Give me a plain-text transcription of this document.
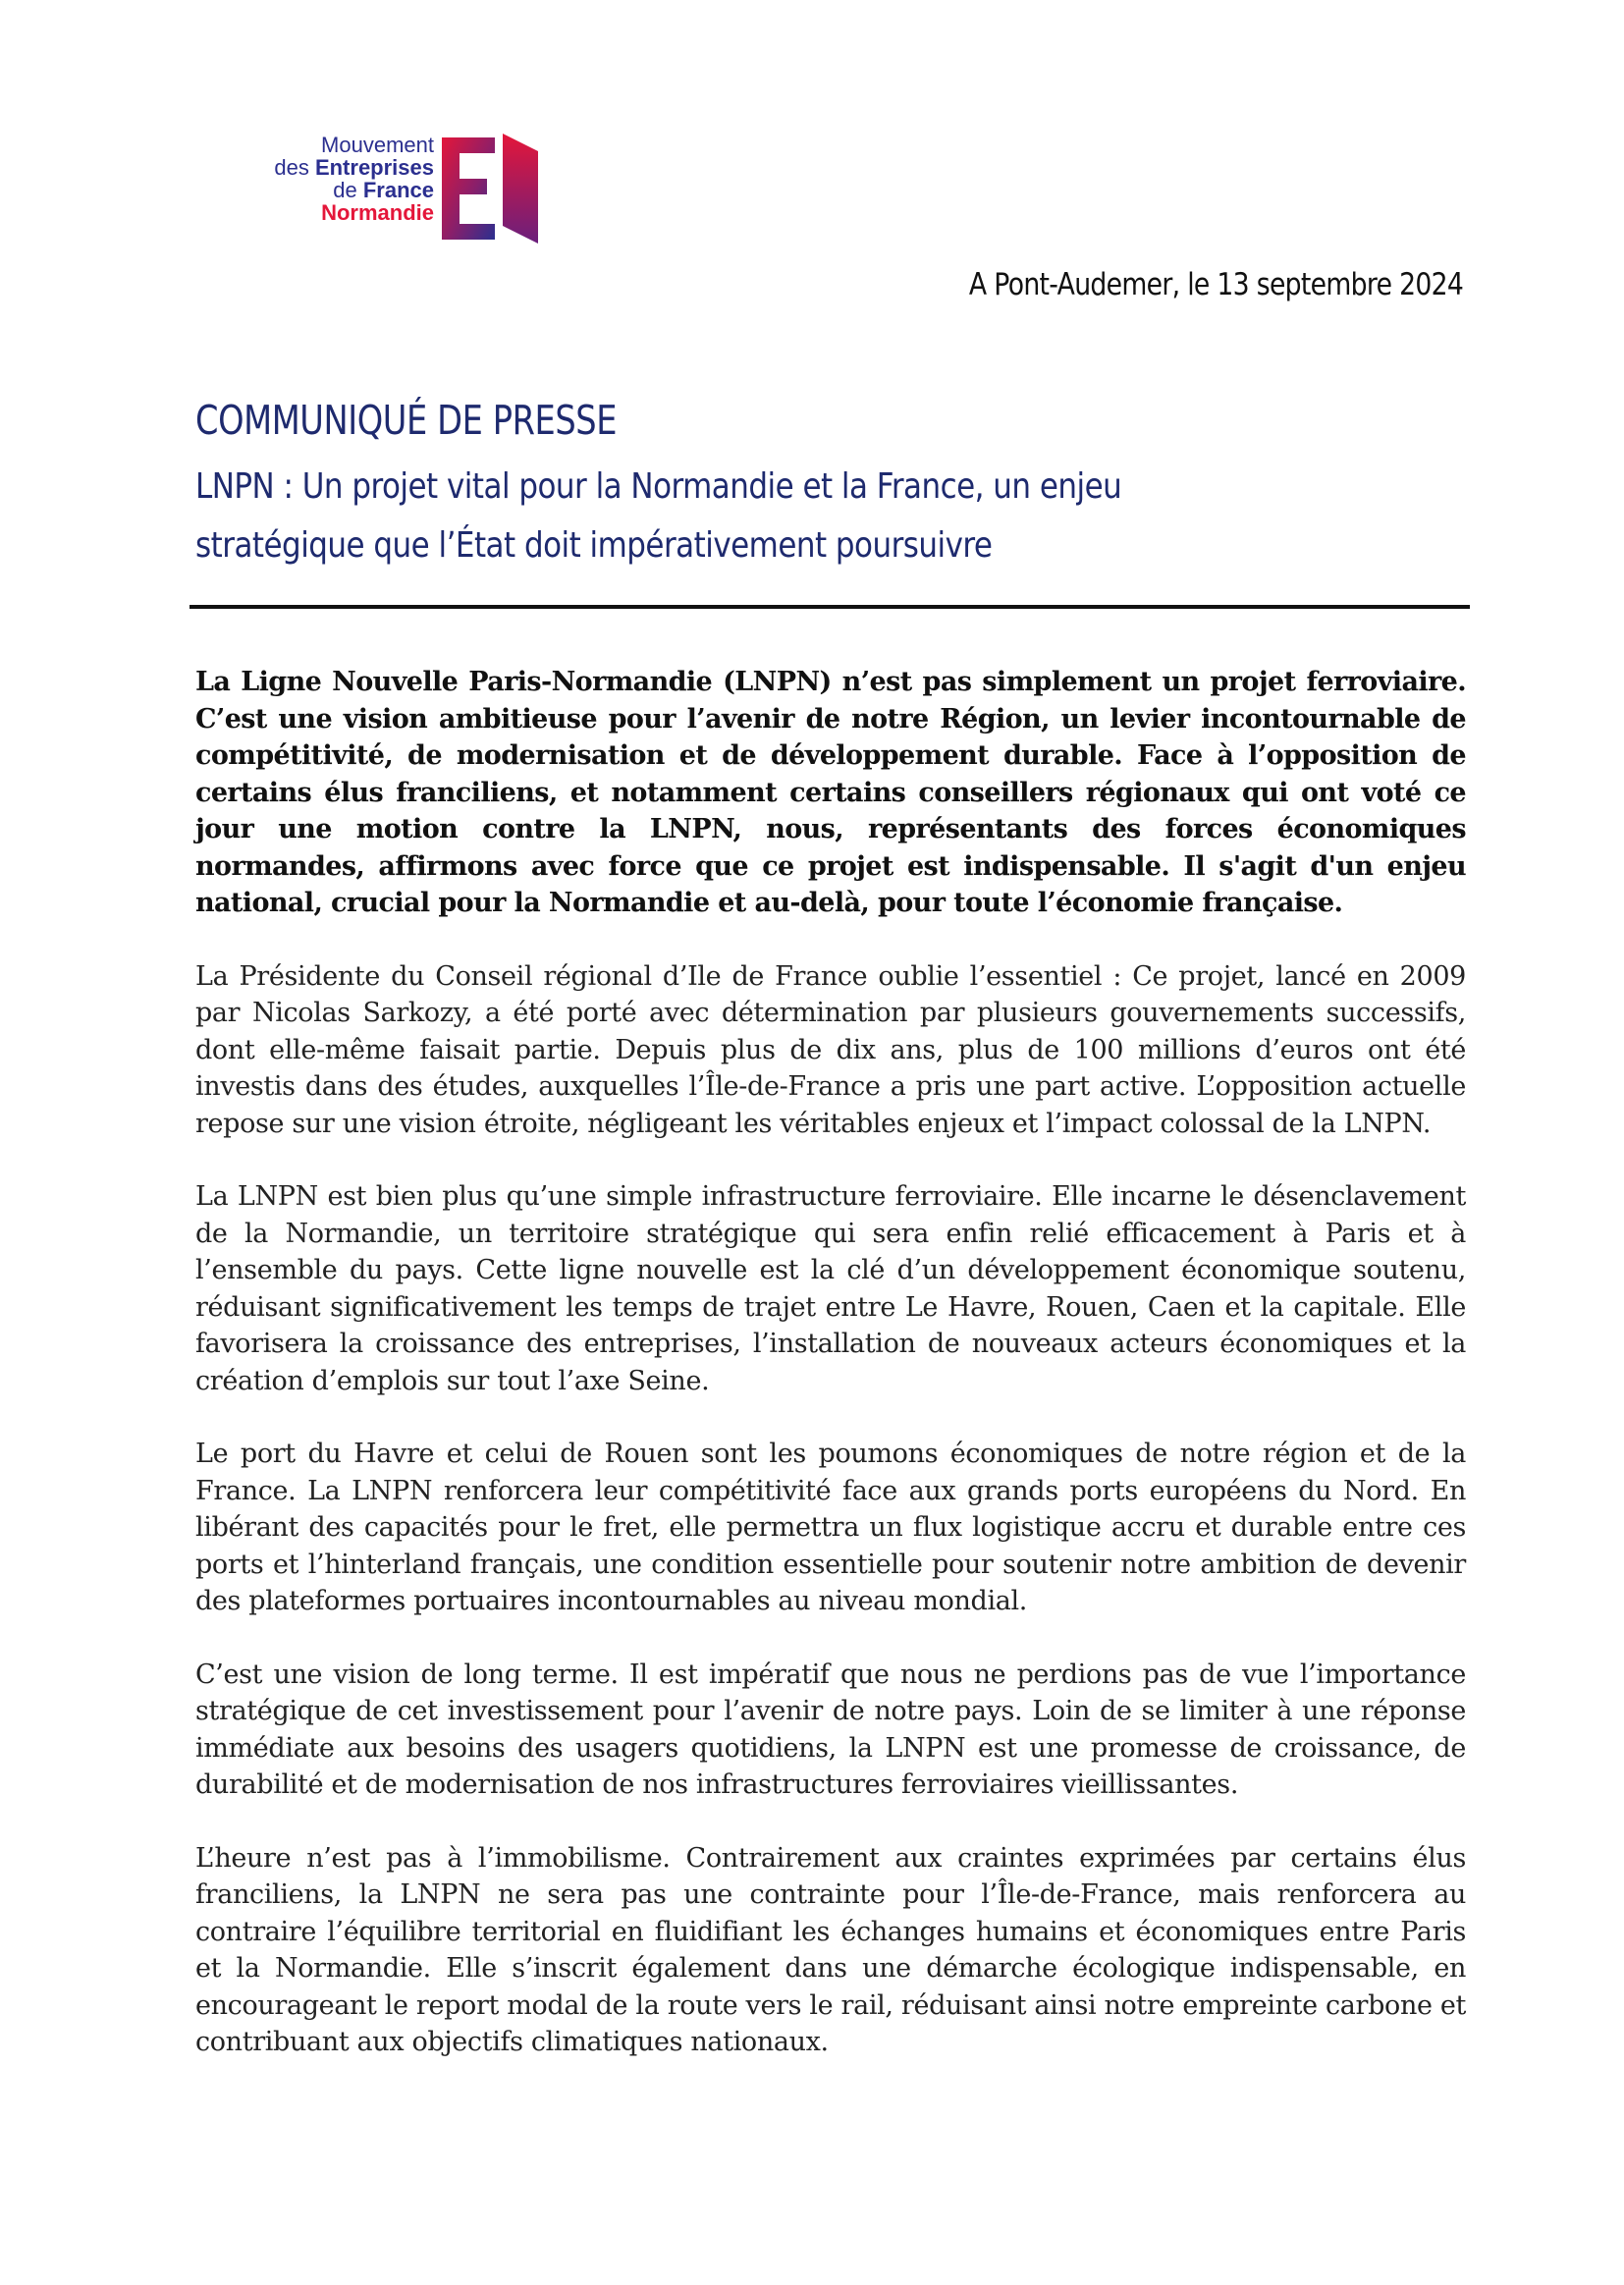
Mouvement
des Entreprises
de France
Normandie
A Pont-Audemer, le 13 septembre 2024
COMMUNIQUÉ DE PRESSE
LNPN : Un projet vital pour la Normandie et la France, un enjeu stratégique que l’État doit impérativement poursuivre

La Ligne Nouvelle Paris-Normandie (LNPN) n’est pas simplement un projet ferroviaire. C’est une vision ambitieuse pour l’avenir de notre Région, un levier incontournable de compétitivité, de modernisation et de développement durable. Face à l’opposition de certains élus franciliens, et notamment certains conseillers régionaux qui ont voté ce jour une motion contre la LNPN, nous, représentants des forces économiques normandes, affirmons avec force que ce projet est indispensable. Il s'agit d'un enjeu national, crucial pour la Normandie et au-delà, pour toute l’économie française.

La Présidente du Conseil régional d’Ile de France oublie l’essentiel : Ce projet, lancé en 2009 par Nicolas Sarkozy, a été porté avec détermination par plusieurs gouvernements successifs, dont elle-même faisait partie. Depuis plus de dix ans, plus de 100 millions d’euros ont été investis dans des études, auxquelles l’Île-de-France a pris une part active. L’opposition actuelle repose sur une vision étroite, négligeant les véritables enjeux et l’impact colossal de la LNPN.

La LNPN est bien plus qu’une simple infrastructure ferroviaire. Elle incarne le désenclavement de la Normandie, un territoire stratégique qui sera enfin relié efficacement à Paris et à l’ensemble du pays. Cette ligne nouvelle est la clé d’un développement économique soutenu, réduisant significativement les temps de trajet entre Le Havre, Rouen, Caen et la capitale. Elle favorisera la croissance des entreprises, l’installation de nouveaux acteurs économiques et la création d’emplois sur tout l’axe Seine.

Le port du Havre et celui de Rouen sont les poumons économiques de notre région et de la France. La LNPN renforcera leur compétitivité face aux grands ports européens du Nord. En libérant des capacités pour le fret, elle permettra un flux logistique accru et durable entre ces ports et l’hinterland français, une condition essentielle pour soutenir notre ambition de devenir des plateformes portuaires incontournables au niveau mondial.

C’est une vision de long terme. Il est impératif que nous ne perdions pas de vue l’importance stratégique de cet investissement pour l’avenir de notre pays. Loin de se limiter à une réponse immédiate aux besoins des usagers quotidiens, la LNPN est une promesse de croissance, de durabilité et de modernisation de nos infrastructures ferroviaires vieillissantes.

L’heure n’est pas à l’immobilisme. Contrairement aux craintes exprimées par certains élus franciliens, la LNPN ne sera pas une contrainte pour l’Île-de-France, mais renforcera au contraire l’équilibre territorial en fluidifiant les échanges humains et économiques entre Paris et la Normandie. Elle s’inscrit également dans une démarche écologique indispensable, en encourageant le report modal de la route vers le rail, réduisant ainsi notre empreinte carbone et contribuant aux objectifs climatiques nationaux.
